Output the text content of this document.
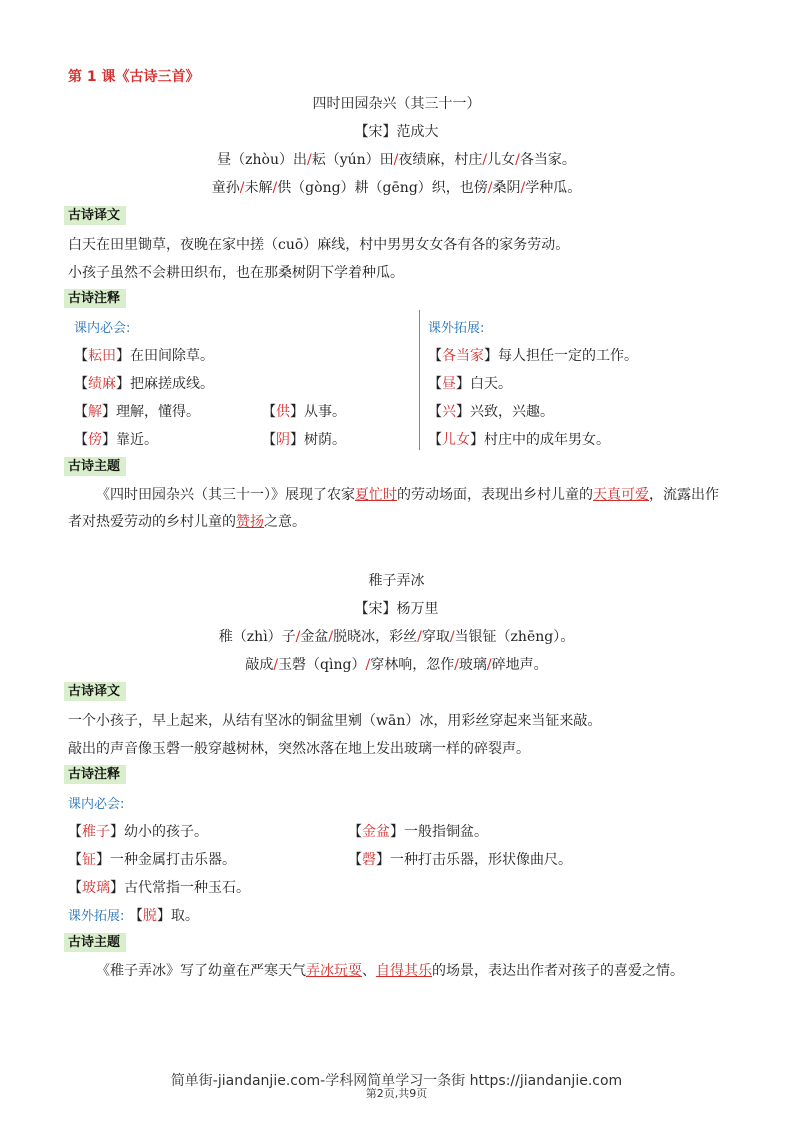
第 1 课《古诗三首》
四时田园杂兴（其三十一）
【宋】范成大
昼（zhòu）出/耘（yún）田/夜绩麻，村庄/儿女/各当家。
童孙/未解/供（gòng）耕（gēng）织，也傍/桑阴/学种瓜。
古诗译文
白天在田里锄草，夜晚在家中搓（cuō）麻线，村中男男女女各有各的家务劳动。
小孩子虽然不会耕田织布，也在那桑树阴下学着种瓜。
古诗注释
课内必会:	课外拓展:
【耘田】在田间除草。
【绩麻】把麻搓成线。
【解】理解，懂得。	【供】从事。
【傍】靠近。	【阴】树荫。
【各当家】每人担任一定的工作。
【昼】白天。
【兴】兴致，兴趣。
【儿女】村庄中的成年男女。
古诗主题
《四时田园杂兴（其三十一）》展现了农家夏忙时的劳动场面，表现出乡村儿童的天真可爱，流露出作者对热爱劳动的乡村儿童的赞扬之意。
稚子弄冰
【宋】杨万里
稚（zhì）子/金盆/脱晓冰，彩丝/穿取/当银钲（zhēng）。
敲成/玉磬（qìng）/穿林响，忽作/玻璃/碎地声。
古诗译文
一个小孩子，早上起来，从结有坚冰的铜盆里剜（wān）冰，用彩丝穿起来当钲来敲。
敲出的声音像玉磬一般穿越树林，突然冰落在地上发出玻璃一样的碎裂声。
古诗注释
课内必会:
【稚子】幼小的孩子。	【金盆】一般指铜盆。
【钲】一种金属打击乐器。	【磬】一种打击乐器，形状像曲尺。
【玻璃】古代常指一种玉石。
课外拓展: 【脱】取。
古诗主题
《稚子弄冰》写了幼童在严寒天气弄冰玩耍、自得其乐的场景，表达出作者对孩子的喜爱之情。
简单街-jiandanjie.com-学科网简单学习一条街 https://jiandanjie.com
第2页,共9页
